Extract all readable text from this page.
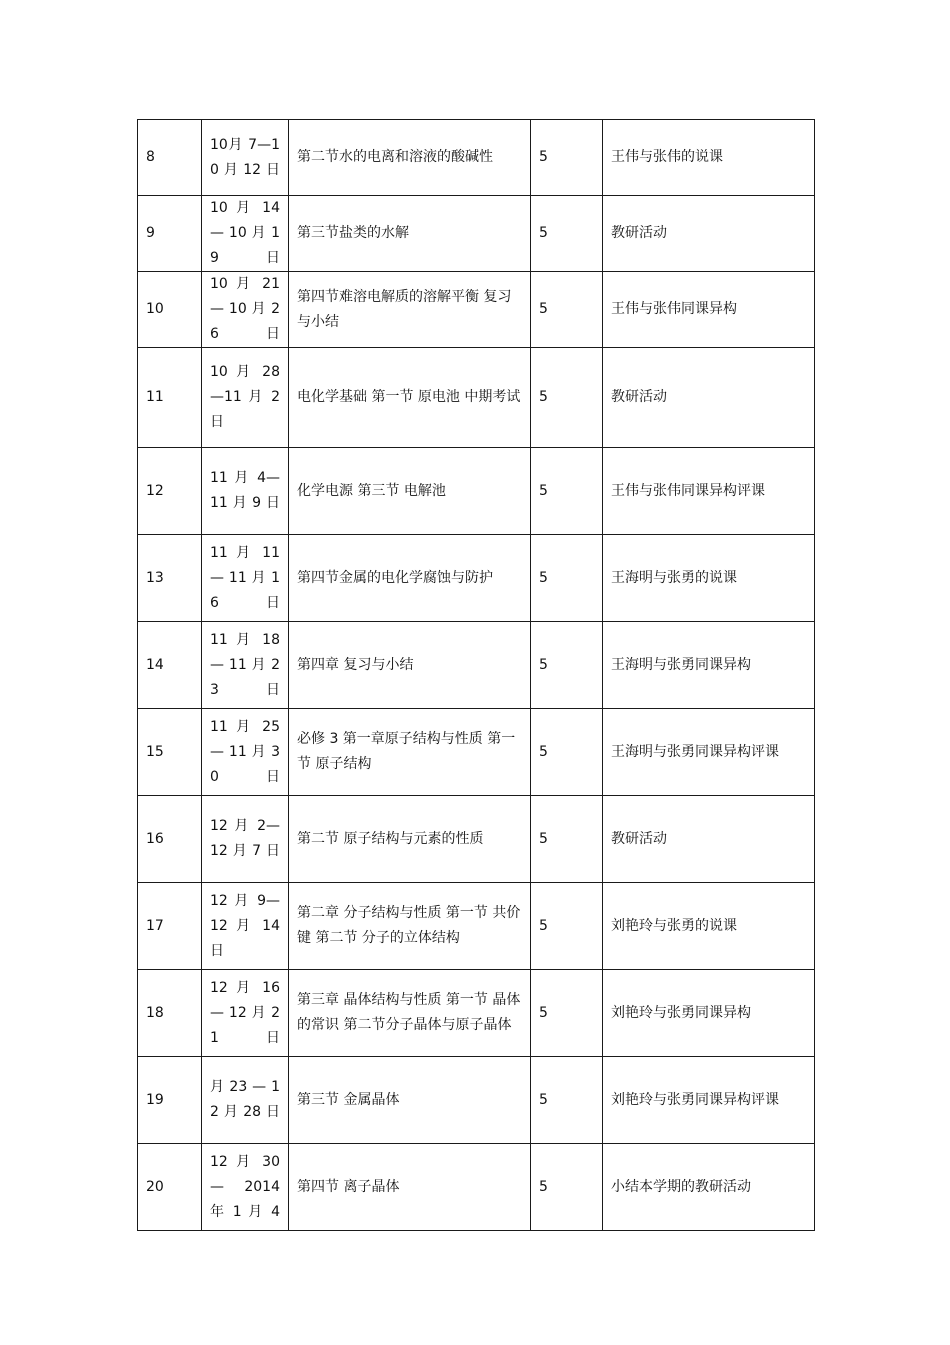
8	10月 7—10 月 12 日	第二节水的电离和溶液的酸碱性	5	王伟与张伟的说课
9	10 月 14 — 10 月 19日	第三节盐类的水解	5	教研活动
10	10 月 21 — 10 月 26日	第四节难溶电解质的溶解平衡 复习与小结	5	王伟与张伟同课异构
11	10 月 28 —11 月 2 日	电化学基础 第一节 原电池 中期考试	5	教研活动
12	11 月 4—11 月 9 日	化学电源 第三节 电解池	5	王伟与张伟同课异构评课
13	11 月 11 — 11 月 16日	第四节金属的电化学腐蚀与防护	5	王海明与张勇的说课
14	11 月 18 — 11 月 23日	第四章 复习与小结	5	王海明与张勇同课异构
15	11 月 25 — 11 月 30日	必修 3 第一章原子结构与性质 第一节 原子结构	5	王海明与张勇同课异构评课
16	12 月 2—12 月 7 日	第二节 原子结构与元素的性质	5	教研活动
17	12 月 9—12 月 14 日	第二章 分子结构与性质 第一节 共价键 第二节 分子的立体结构	5	刘艳玲与张勇的说课
18	12 月 16 — 12 月 21日	第三章 晶体结构与性质 第一节 晶体的常识 第二节分子晶体与原子晶体	5	刘艳玲与张勇同课异构
19	月 23 — 12 月 28 日	第三节 金属晶体	5	刘艳玲与张勇同课异构评课
20	12 月 30 — 2014 年 1 月 4	第四节 离子晶体	5	小结本学期的教研活动
